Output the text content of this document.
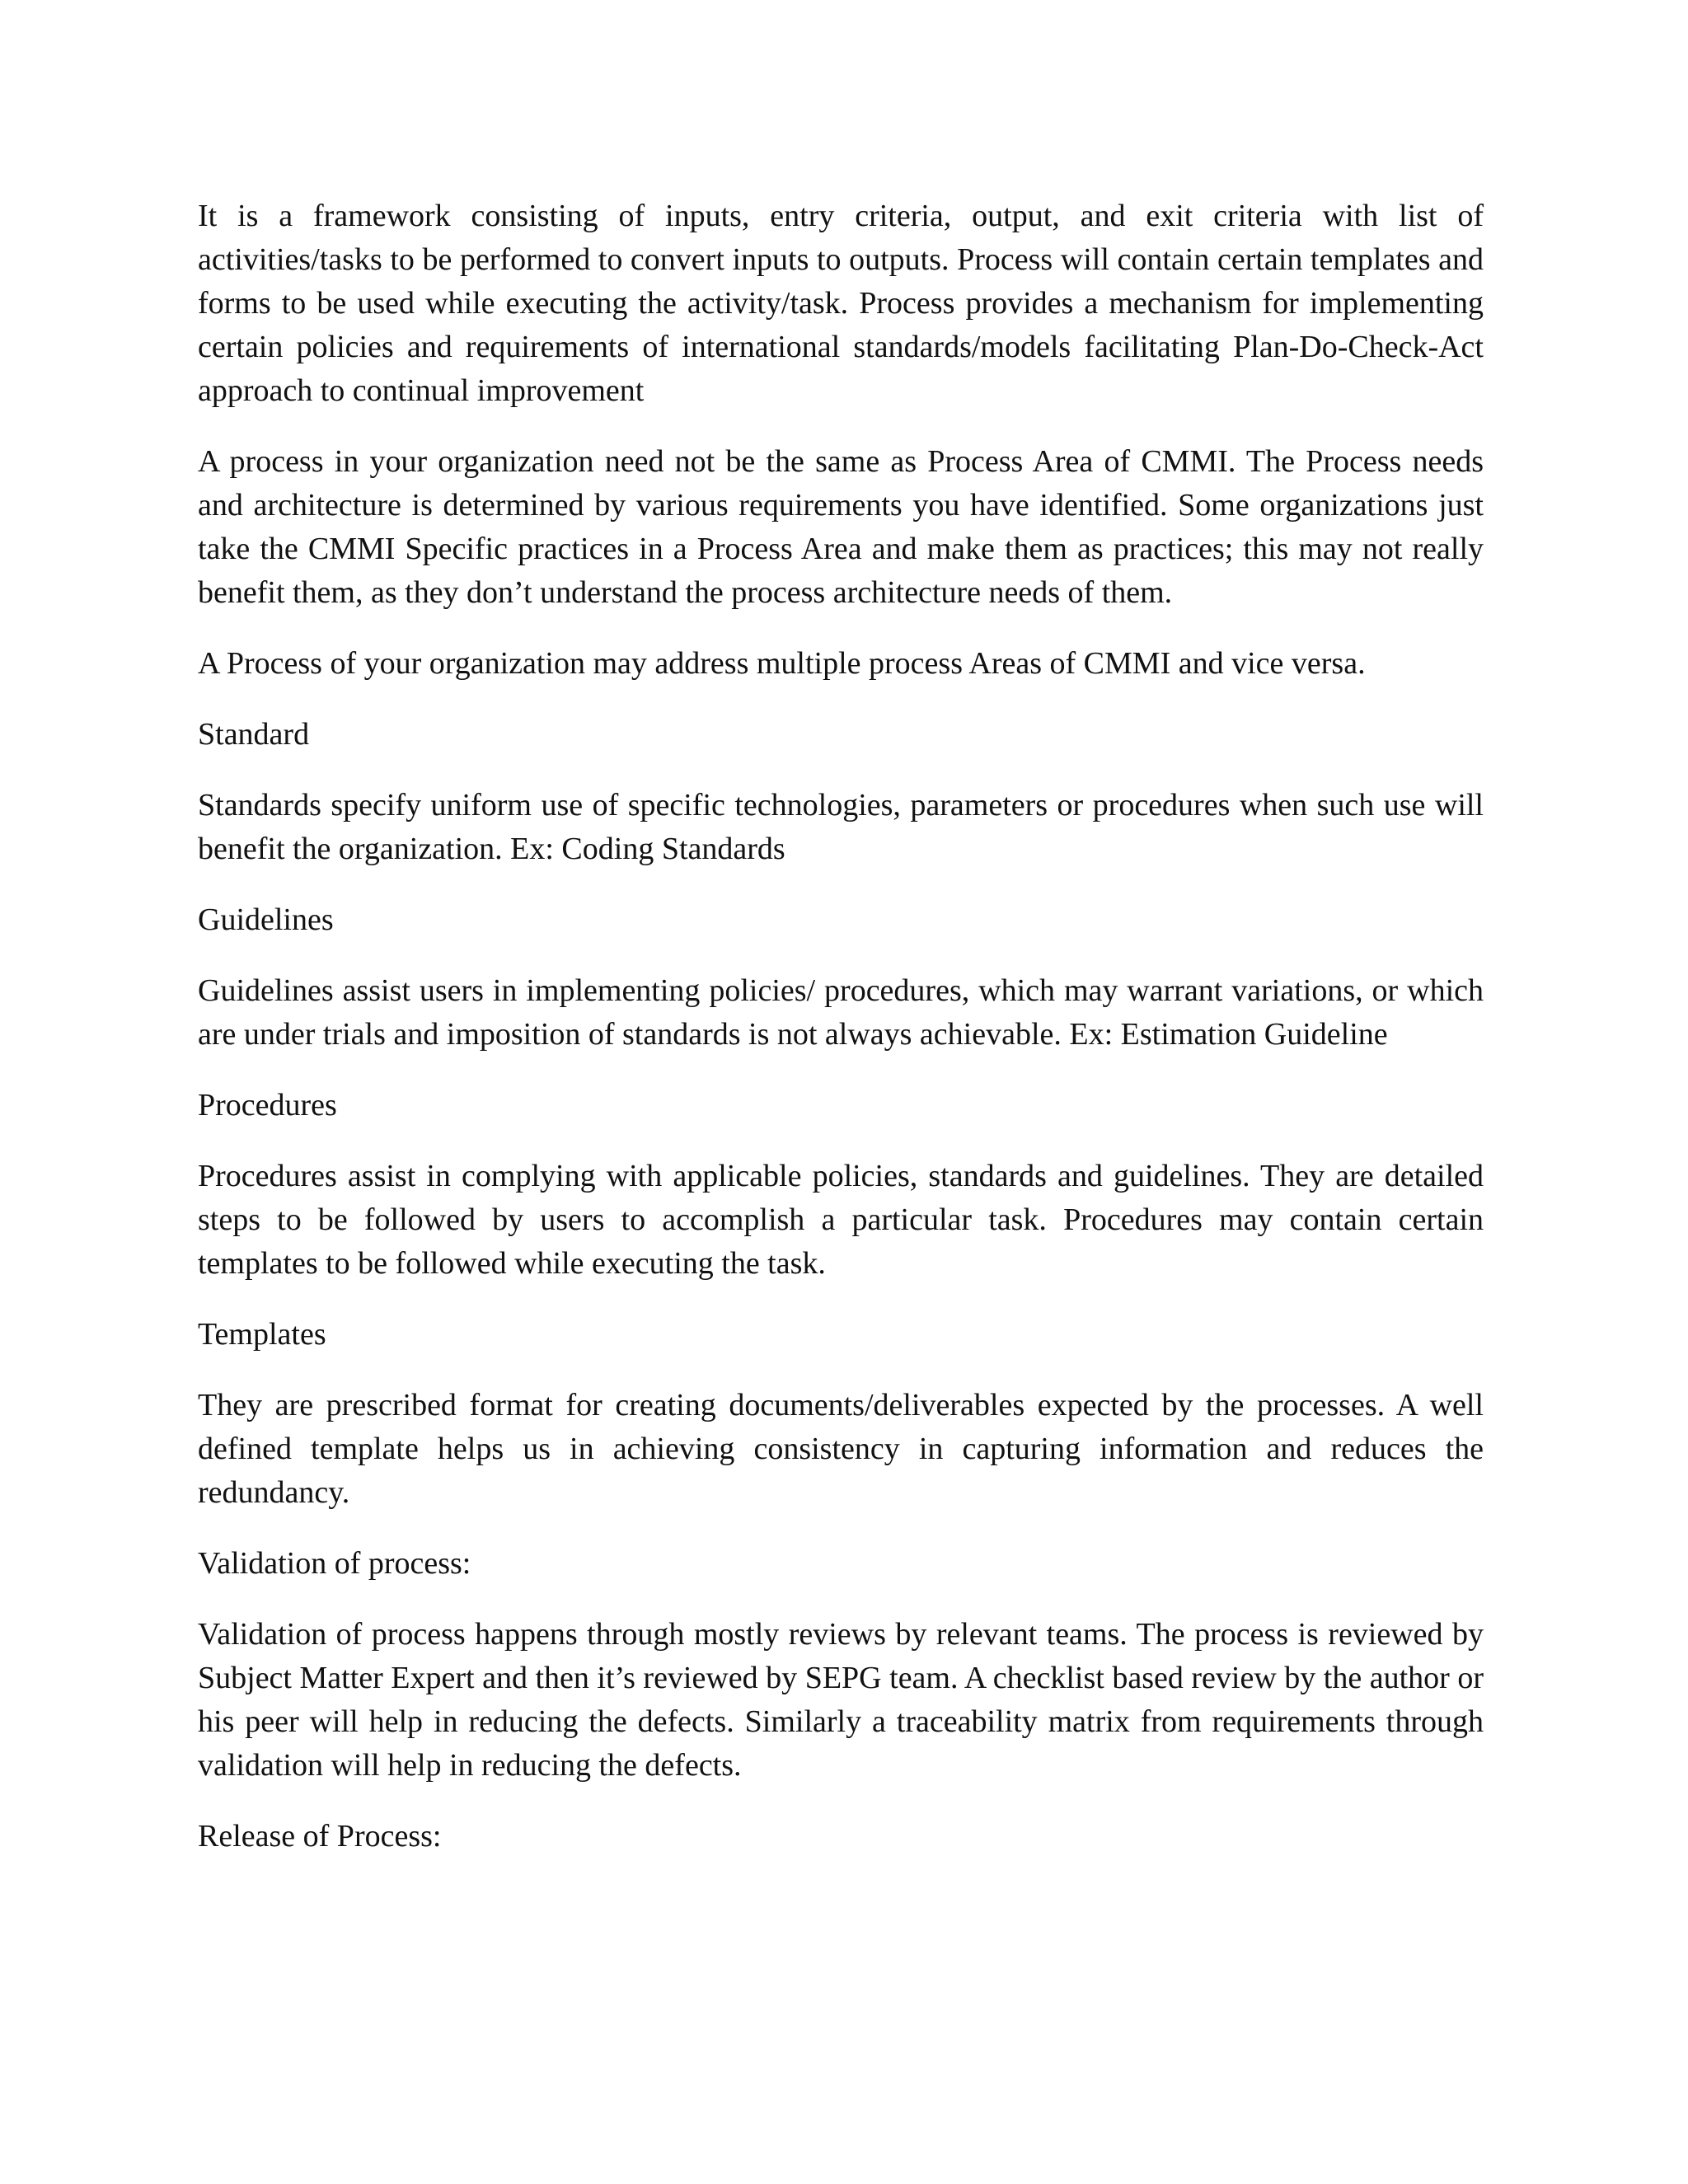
It is a framework consisting of inputs, entry criteria, output, and exit criteria with list of activities/tasks to be performed to convert inputs to outputs. Process will contain certain templates and forms to be used while executing the activity/task. Process provides a mechanism for implementing certain policies and requirements of international standards/models facilitating Plan-Do-Check-Act approach to continual improvement

A process in your organization need not be the same as Process Area of CMMI. The Process needs and architecture is determined by various requirements you have identified. Some organizations just take the CMMI Specific practices in a Process Area and make them as practices; this may not really benefit them, as they don’t understand the process architecture needs of them.

A Process of your organization may address multiple process Areas of CMMI and vice versa.

Standard

Standards specify uniform use of specific technologies, parameters or procedures when such use will benefit the organization. Ex: Coding Standards

Guidelines

Guidelines assist users in implementing policies/ procedures, which may warrant variations, or which are under trials and imposition of standards is not always achievable. Ex: Estimation Guideline

Procedures

Procedures assist in complying with applicable policies, standards and guidelines. They are detailed steps to be followed by users to accomplish a particular task. Procedures may contain certain templates to be followed while executing the task.

Templates

They are prescribed format for creating documents/deliverables expected by the processes. A well defined template helps us in achieving consistency in capturing information and reduces the redundancy.

Validation of process:

Validation of process happens through mostly reviews by relevant teams. The process is reviewed by Subject Matter Expert and then it’s reviewed by SEPG team. A checklist based review by the author or his peer will help in reducing the defects. Similarly a traceability matrix from requirements through validation will help in reducing the defects.

Release of Process:
